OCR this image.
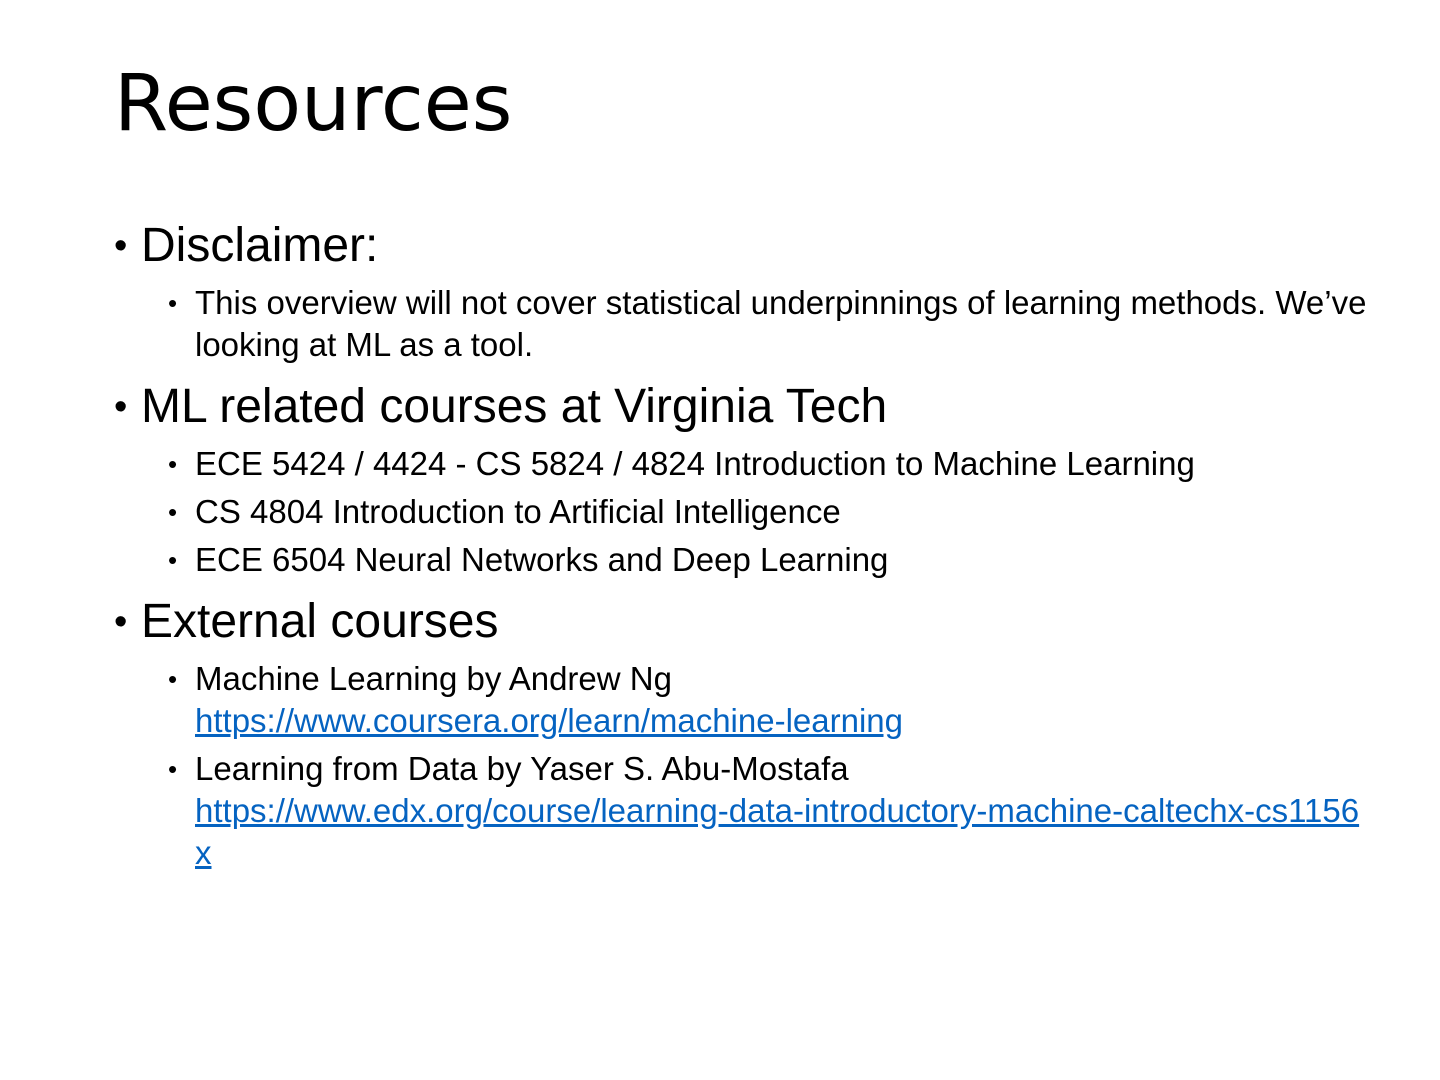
Resources
• Disclaimer:
• This overview will not cover statistical underpinnings of learning methods. We’ve looking at ML as a tool.
• ML related courses at Virginia Tech
• ECE 5424 / 4424 - CS 5824 / 4824 Introduction to Machine Learning
• CS 4804 Introduction to Artificial Intelligence
• ECE 6504 Neural Networks and Deep Learning
• External courses
• Machine Learning by Andrew Ng
https://www.coursera.org/learn/machine-learning
• Learning from Data by Yaser S. Abu-Mostafa
https://www.edx.org/course/learning-data-introductory-machine-caltechx-cs1156x
